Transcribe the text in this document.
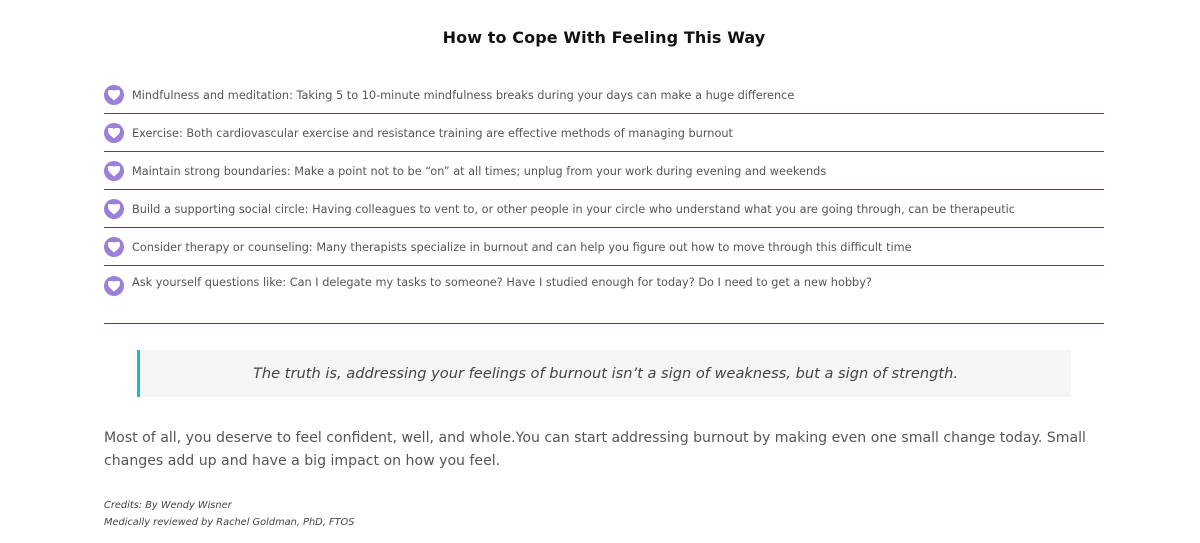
How to Cope With Feeling This Way
Mindfulness and meditation: Taking 5 to 10-minute mindfulness breaks during your days can make a huge difference
Exercise: Both cardiovascular exercise and resistance training are effective methods of managing burnout
Maintain strong boundaries: Make a point not to be “on” at all times; unplug from your work during evening and weekends
Build a supporting social circle: Having colleagues to vent to, or other people in your circle who understand what you are going through, can be therapeutic
Consider therapy or counseling: Many therapists specialize in burnout and can help you figure out how to move through this difficult time
Ask yourself questions like: Can I delegate my tasks to someone? Have I studied enough for today? Do I need to get a new hobby?
The truth is, addressing your feelings of burnout isn’t a sign of weakness, but a sign of strength.

Most of all, you deserve to feel confident, well, and whole.You can start addressing burnout by making even one small change today. Small changes add up and have a big impact on how you feel.

Credits: By Wendy Wisner
Medically reviewed by Rachel Goldman, PhD, FTOS
